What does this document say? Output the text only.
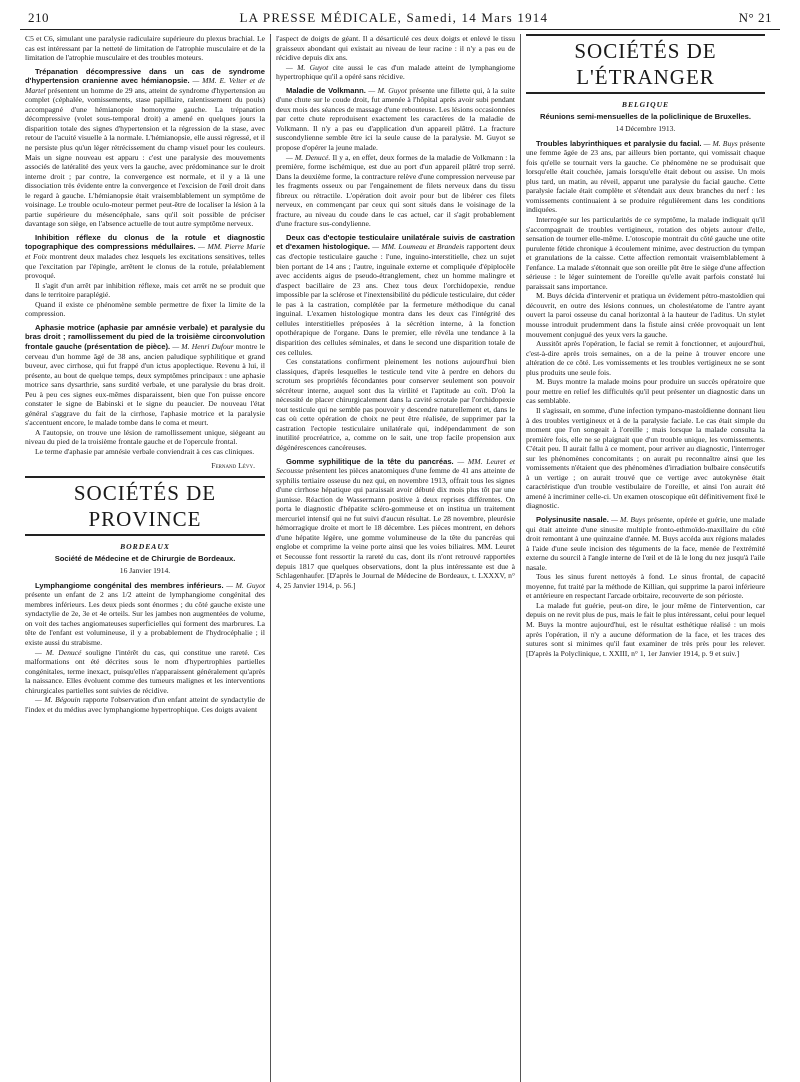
210	LA PRESSE MÉDICALE, Samedi, 14 Mars 1914	N° 21

C5 et C6, simulant une paralysie radiculaire supérieure du plexus brachial. Le cas est intéressant par la netteté de limitation de l'atrophie musculaire et de la limitation de l'atrophie musculaire et des troubles moteurs.

Trépanation décompressive dans un cas de syndrome d'hypertension cranienne avec hémianopsie. — MM. E. Velter et de Martel présentent un homme de 29 ans, atteint de syndrome d'hypertension au complet (céphalée, vomissements, stase papillaire, ralentissement du pouls) accompagné d'une hémianopsie homonyme gauche. La trépanation décompressive (volet sous-temporal droit) a amené en quelques jours la disparition totale des signes d'hypertension et la régression de la stase, avec retour de l'acuité visuelle à la normale. L'hémianopsie, elle aussi régressé, et il ne persiste plus qu'un léger rétrécissement du champ visuel pour les couleurs. Mais un signe nouveau est apparu : c'est une paralysie des mouvements associés de latéralité des yeux vers la gauche, avec prédominance sur le droit interne droit ; par contre, la convergence est normale, et il y a là une dissociation très évidente entre la convergence et l'excision de l'œil droit dans le regard à gauche. L'hémianopsie était vraisemblablement un symptôme de voisinage. Le trouble oculo-moteur permet peut-être de localiser la lésion à la partie supérieure du mésencéphale, sans qu'il soit possible de préciser davantage son siège, en l'absence actuelle de tout autre symptôme nerveux.

Inhibition réflexe du clonus de la rotule et diagnostic topographique des compressions médullaires. — MM. Pierre Marie et Foix montrent deux malades chez lesquels les excitations sensitives, telles que l'excitation par l'épingle, arrêtent le clonus de la rotule, préalablement provoqué.

Il s'agit d'un arrêt par inhibition réflexe, mais cet arrêt ne se produit que dans le territoire paraplégié.

Quand il existe ce phénomène semble permettre de fixer la limite de la compression.

Aphasie motrice (aphasie par amnésie verbale) et paralysie du bras droit ; ramollissement du pied de la troisième circonvolution frontale gauche (présentation de pièce). — M. Henri Dufour montre le cerveau d'un homme âgé de 38 ans, ancien paludique syphilitique et grand buveur, avec cirrhose, qui fut frappé d'un ictus apoplectique. Revenu à lui, il présente, au bout de quelque temps, deux symptômes principaux : une aphasie motrice sans dysarthrie, sans surdité verbale, et une paralysie du bras droit. Peu à peu ces signes eux-mêmes disparaissent, bien que l'on puisse encore constater le signe de Babinski et le signe du peaucier. De nouveau l'état général s'aggrave du fait de la cirrhose, l'aphasie motrice et la paralysie s'accentuent encore, le malade tombe dans le coma et meurt.

A l'autopsie, on trouve une lésion de ramollissement unique, siégeant au niveau du pied de la troisième frontale gauche et de l'opercule frontal.

Le terme d'aphasie par amnésie verbale conviendrait à ces cas cliniques.

Fernand Lévy.
SOCIÉTÉS DE PROVINCE
BORDEAUX
Société de Médecine et de Chirurgie de Bordeaux.
16 Janvier 1914.

Lymphangiome congénital des membres inférieurs. — M. Guyot présente un enfant de 2 ans 1/2 atteint de lymphangiome congénital des membres inférieurs. Les deux pieds sont énormes ; du côté gauche existe une syndactylie de 2e, 3e et 4e orteils. Sur les jambes non augmentées de volume, on voit des taches angiomateuses superficielles qui forment des marbrures. La tête de l'enfant est volumineuse, il y a probablement de l'hydrocéphalie ; il existe aussi du strabisme.

— M. Denucé souligne l'intérêt du cas, qui constitue une rareté. Ces malformations ont été décrites sous le nom d'hypertrophies partielles congénitales, terme inexact, puisqu'elles n'apparaissent généralement qu'après la naissance. Elles évoluent comme des tumeurs malignes et les interventions chirurgicales partielles sont suivies de récidive.

— M. Bégouin rapporte l'observation d'un enfant atteint de syndactylie de l'index et du médius avec lymphangiome hypertrophique. Ces doigts avaient

l'aspect de doigts de géant. Il a désarticulé ces deux doigts et enlevé le tissu graisseux abondant qui existait au niveau de leur racine : il n'y a pas eu de récidive depuis dix ans.

— M. Guyot cite aussi le cas d'un malade atteint de lymphangiome hypertrophique qu'il a opéré sans récidive.

Maladie de Volkmann. — M. Guyot présente une fillette qui, à la suite d'une chute sur le coude droit, fut amenée à l'hôpital après avoir subi pendant deux mois des séances de massage d'une rebouteuse. Les lésions occasionnées par cette chute reproduisent exactement les caractères de la maladie de Volkmann. Il n'y a pas eu d'application d'un appareil plâtré. La fracture suscondylienne semble être ici la seule cause de la paralysie. M. Guyot se propose d'opérer la jeune malade.

— M. Denucé. Il y a, en effet, deux formes de la maladie de Volkmann : la première, forme ischémique, est due au port d'un appareil plâtré trop serré. Dans la deuxième forme, la contracture relève d'une compression nerveuse par les fragments osseux ou par l'engainement de filets nerveux dans du tissu fibreux ou rétractile. L'opération doit avoir pour but de libérer ces filets nerveux, en commençant par ceux qui sont situés dans le voisinage de la fracture, au niveau du coude dans le cas actuel, car il s'agit probablement d'une fracture sus-condylienne.

Deux cas d'ectopie testiculaire unilatérale suivis de castration et d'examen histologique. — MM. Loumeau et Brandeis rapportent deux cas d'ectopie testiculaire gauche : l'une, inguino-interstitielle, chez un sujet bien portant de 14 ans ; l'autre, inguinale externe et compliquée d'épiplocèle avec accidents aigus de pseudo-étranglement, chez un homme malingre et d'aspect bacillaire de 23 ans. Chez tous deux l'orchidopexie, rendue impossible par la sclérose et l'inextensibilité du pédicule testiculaire, dut céder le pas à la castration, complétée par la fermeture méthodique du canal inguinal. L'examen histologique montra dans les deux cas l'intégrité des cellules interstitielles préposées à la sécrétion interne, à la fonction opothérapique de l'organe. Dans le premier, elle révéla une tendance à la disparition des cellules séminales, et dans le second une disparition totale de ces cellules.

Ces constatations confirment pleinement les notions aujourd'hui bien classiques, d'après lesquelles le testicule tend vite à perdre en dehors du scrotum ses propriétés fécondantes pour conserver seulement son pouvoir sécréteur interne, auquel sont dus la virilité et l'aptitude au coït. D'où la nécessité de placer chirurgicalement dans la cavité scrotale par l'orchidopexie tout testicule qui ne semble pas pouvoir y descendre naturellement et, dans le cas où cette opération de choix ne peut être réalisée, de supprimer par la castration l'ectopie testiculaire unilatérale qui, indépendamment de son inutilité procréatrice, a, comme on le sait, une trop facile propension aux dégénérescences cancéreuses.

Gomme syphilitique de la tête du pancréas. — MM. Leuret et Secousse présentent les pièces anatomiques d'une femme de 41 ans atteinte de syphilis tertiaire osseuse du nez qui, en novembre 1913, offrait tous les signes d'une cirrhose hépatique qui paraissait avoir débuté dix mois plus tôt par une jaunisse. Réaction de Wassermann positive à deux reprises différentes. On porta le diagnostic d'hépatite scléro-gommeuse et on institua un traitement mercuriel intensif qui ne fut suivi d'aucun résultat. Le 28 novembre, pleurésie hémorragique droite et mort le 18 décembre. Les pièces montrent, en dehors d'une hépatite légère, une gomme volumineuse de la tête du pancréas qui englobe et comprime la veine porte ainsi que les voies biliaires. MM. Leuret et Secousse font ressortir la rareté du cas, dont ils n'ont retrouvé rapportées depuis 1817 que quelques observations, dont la plus intéressante est due à Schlagenhaufer. [D'après le Journal de Médecine de Bordeaux, t. LXXXV, n° 4, 25 Janvier 1914, p. 56.]

SOCIÉTÉS DE L'ÉTRANGER
BELGIQUE
Réunions semi-mensuelles de la policlinique de Bruxelles.
14 Décembre 1913.

Troubles labyrinthiques et paralysie du facial. — M. Buys présente une femme âgée de 23 ans, par ailleurs bien portante, qui vomissait chaque fois qu'elle se tournait vers la gauche. Ce phénomène ne se produisait que lorsqu'elle était couchée, jamais lorsqu'elle était debout ou assise. Un mois plus tard, un matin, au réveil, apparut une paralysie du facial gauche. Cette paralysie faciale était complète et s'étendait aux deux branches du nerf : les vomissements continuaient à se produire régulièrement dans les conditions indiquées.

Interrogée sur les particularités de ce symptôme, la malade indiquait qu'il s'accompagnait de troubles vertigineux, rotation des objets autour d'elle, sensation de tourner elle-même. L'otoscopie montrait du côté gauche une otite purulente fétide chronique à écoulement minime, avec destruction du tympan et granulations de la caisse. Cette affection remontait vraisemblablement à l'enfance. La malade s'étonnait que son oreille pût être le siège d'une affection sérieuse : le léger suintement de l'oreille qu'elle avait parfois constaté lui paraissait sans importance.

M. Buys décida d'intervenir et pratiqua un évidement pétro-mastoïdien qui découvrit, en outre des lésions connues, un cholestéatome de l'antre ayant ouvert la paroi osseuse du canal horizontal à la hauteur de l'aditus. Un stylet mousse introduit prudemment dans la fistule ainsi créée provoquait un lent mouvement conjugué des yeux vers la gauche.

Aussitôt après l'opération, le facial se remit à fonctionner, et aujourd'hui, c'est-à-dire après trois semaines, on a de la peine à trouver encore une altération de ce côté. Les vomissements et les troubles vertigineux ne se sont plus produits une seule fois.

M. Buys montre la malade moins pour produire un succès opératoire que pour mettre en relief les difficultés qu'il peut présenter un diagnostic dans un cas semblable.

Il s'agissait, en somme, d'une infection tympano-mastoïdienne donnant lieu à des troubles vertigineux et à de la paralysie faciale. Le cas était simple du moment que l'on songeait à l'oreille ; mais lorsque la malade consulta la première fois, elle ne se plaignait que d'un trouble unique, les vomissements. C'était peu. Il aurait fallu à ce moment, pour arriver au diagnostic, l'interroger sur les phénomènes concomitants ; on aurait pu reconnaître ainsi que les vomissements n'étaient que des phénomènes d'irradiation bulbaire consécutifs à un vertige ; on aurait trouvé que ce vertige avec autokynèse était caractéristique d'un trouble vestibulaire de l'oreille, et ainsi l'on aurait été amené à incriminer celle-ci. Un examen otoscopique eût définitivement fixé le diagnostic.

Polysinusite nasale. — M. Buys présente, opérée et guérie, une malade qui était atteinte d'une sinusite multiple fronto-ethmoïdo-maxillaire du côté droit remontant à une quinzaine d'année. M. Buys accéda aux régions malades à l'aide d'une seule incision des téguments de la face, menée de l'extrémité externe du sourcil à l'angle interne de l'œil et de là le long du nez jusqu'à l'aile nasale.

Tous les sinus furent nettoyés à fond. Le sinus frontal, de capacité moyenne, fut traité par la méthode de Killian, qui supprime la paroi inférieure et antérieure en respectant l'arcade orbitaire, recouverte de son périoste.

La malade fut guérie, peut-on dire, le jour même de l'intervention, car depuis on ne revit plus de pus, mais le fait le plus intéressant, celui pour lequel M. Buys la montre aujourd'hui, est le résultat esthétique réalisé : un mois après l'opération, il n'y a aucune déformation de la face, et les traces des sutures sont si minimes qu'il faut examiner de très près pour les relever. [D'après la Polyclinique, t. XXIII, n° 1, 1er Janvier 1914, p. 9 et suiv.]
